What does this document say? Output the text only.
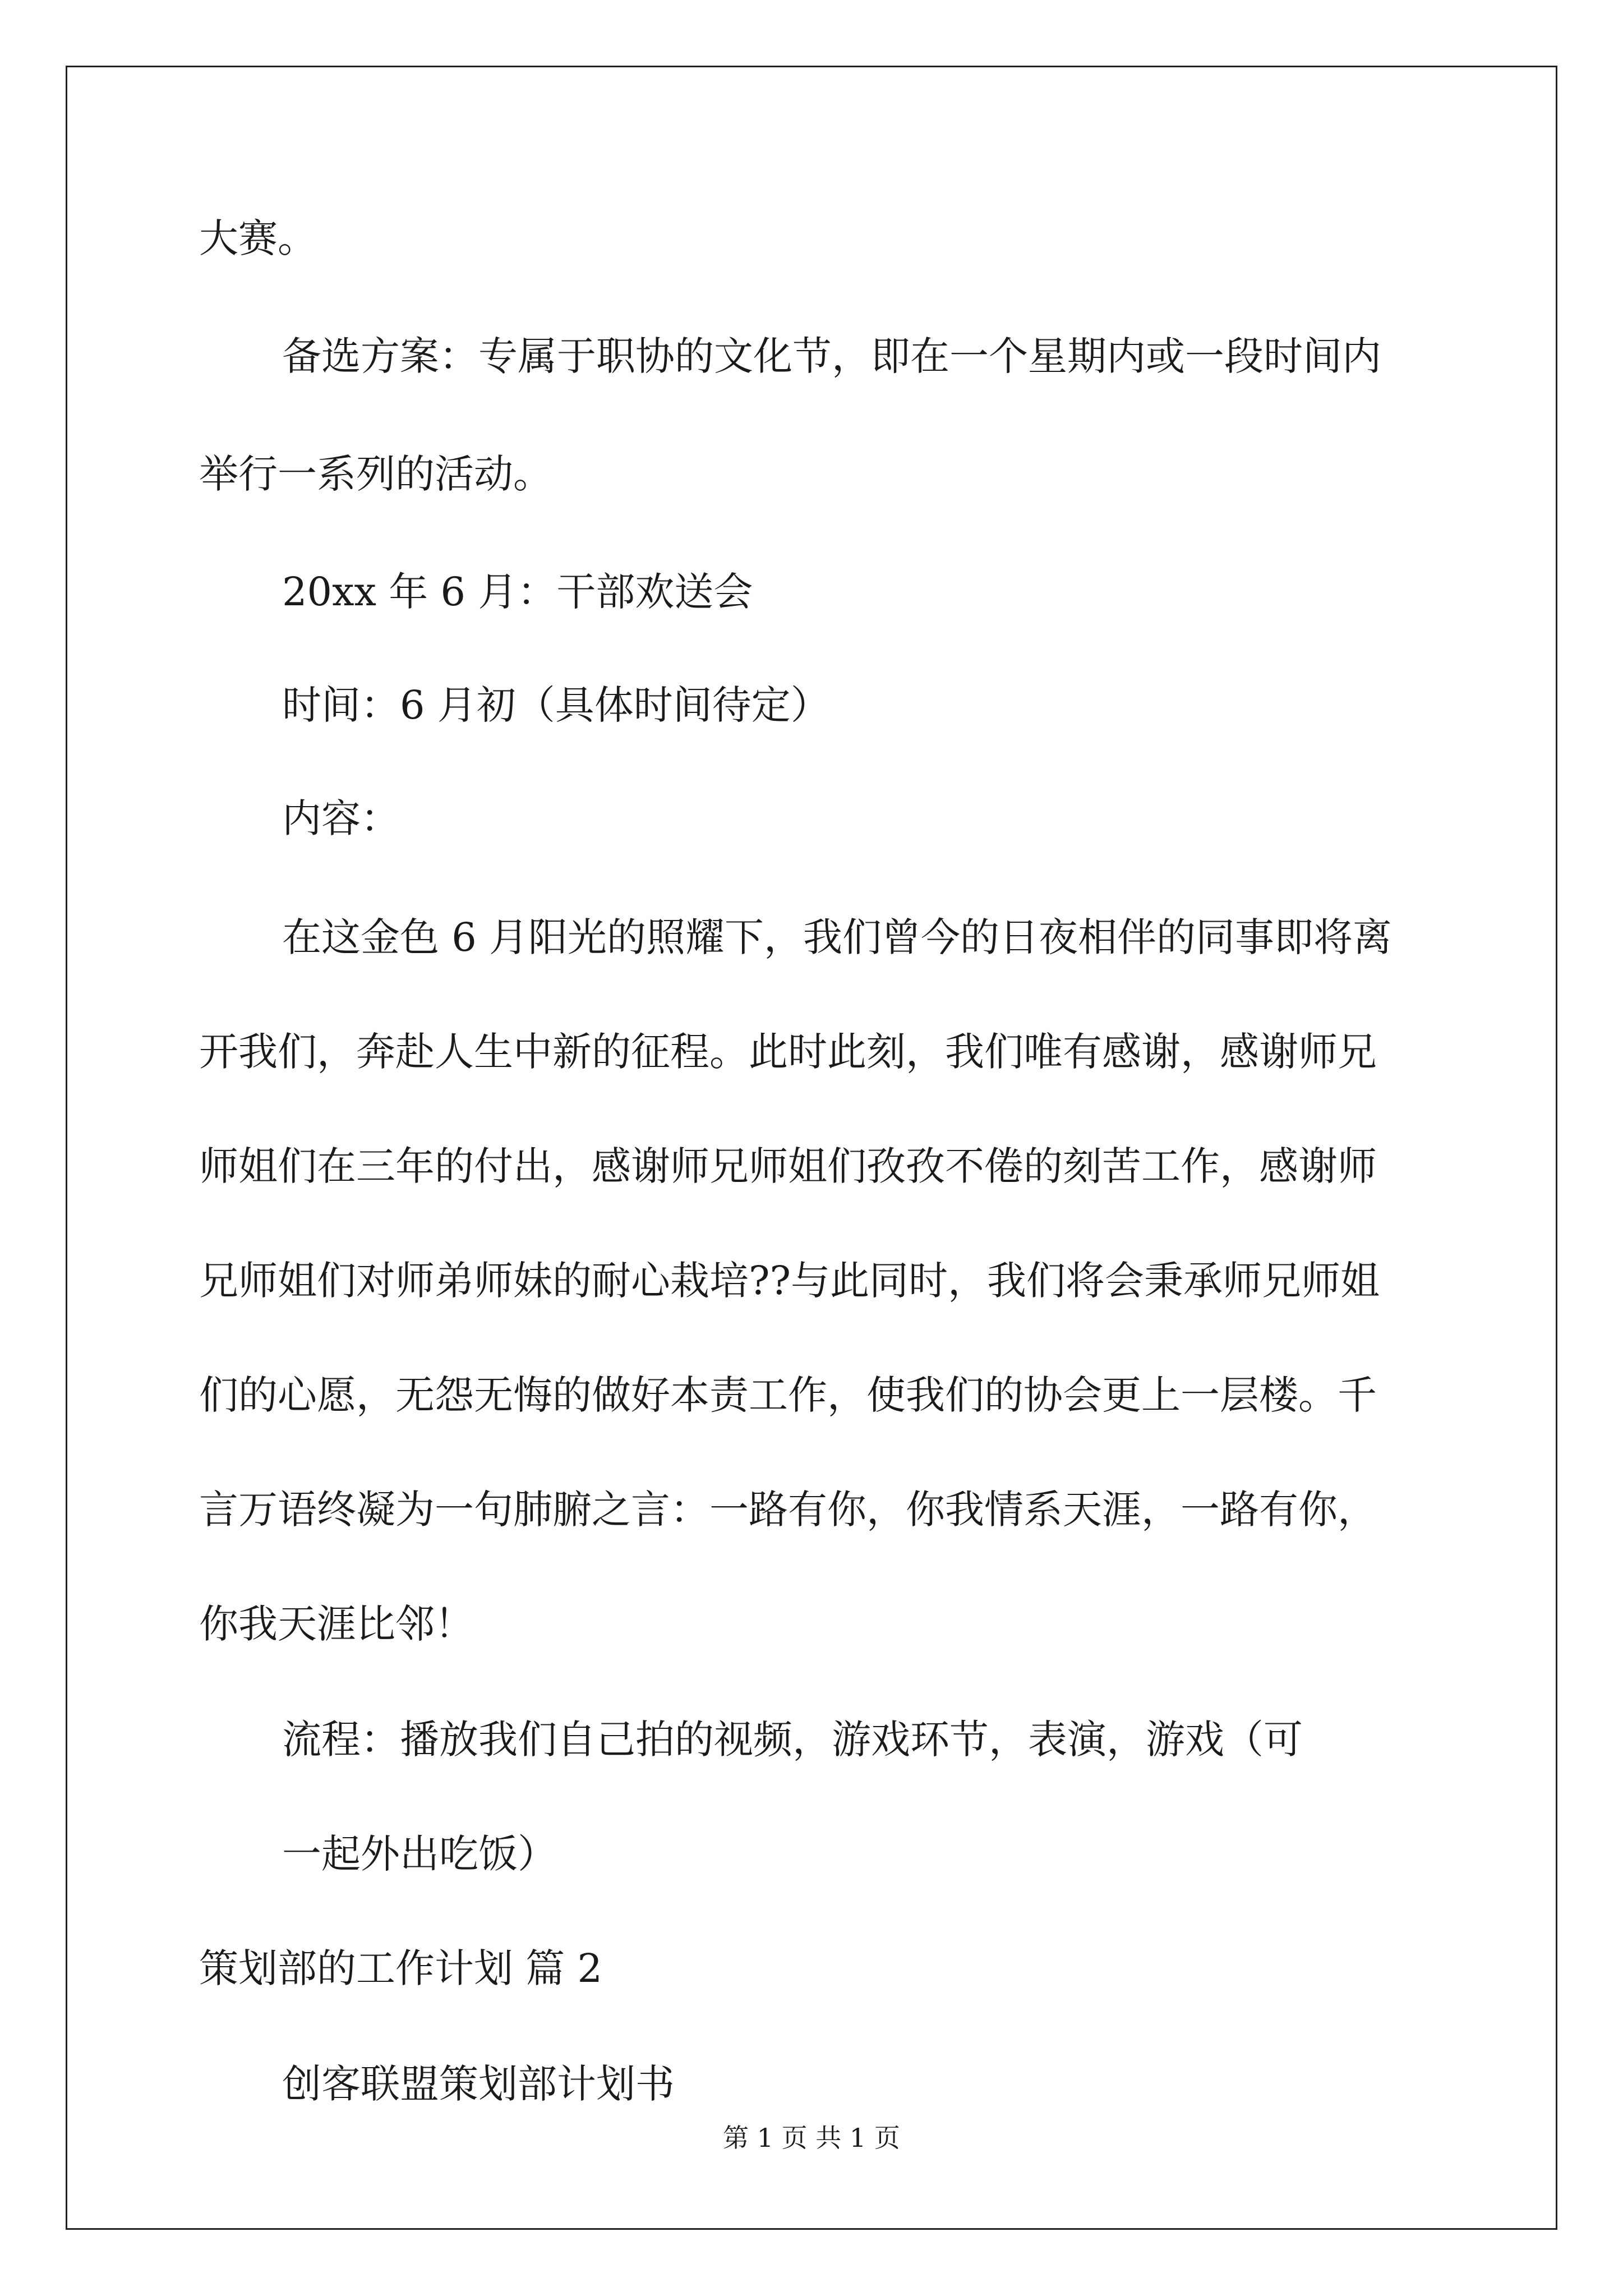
大赛。
备选方案：专属于职协的文化节，即在一个星期内或一段时间内
举行一系列的活动。
20xx 年 6 月：干部欢送会
时间：6 月初（具体时间待定）
内容：
在这金色 6 月阳光的照耀下，我们曾今的日夜相伴的同事即将离
开我们，奔赴人生中新的征程。此时此刻，我们唯有感谢，感谢师兄
师姐们在三年的付出，感谢师兄师姐们孜孜不倦的刻苦工作，感谢师
兄师姐们对师弟师妹的耐心栽培??与此同时，我们将会秉承师兄师姐
们的心愿，无怨无悔的做好本责工作，使我们的协会更上一层楼。千
言万语终凝为一句肺腑之言：一路有你，你我情系天涯，一路有你，
你我天涯比邻！
流程：播放我们自己拍的视频，游戏环节，表演，游戏（可
一起外出吃饭）
策划部的工作计划 篇 2
创客联盟策划部计划书
第 1 页 共 1 页
